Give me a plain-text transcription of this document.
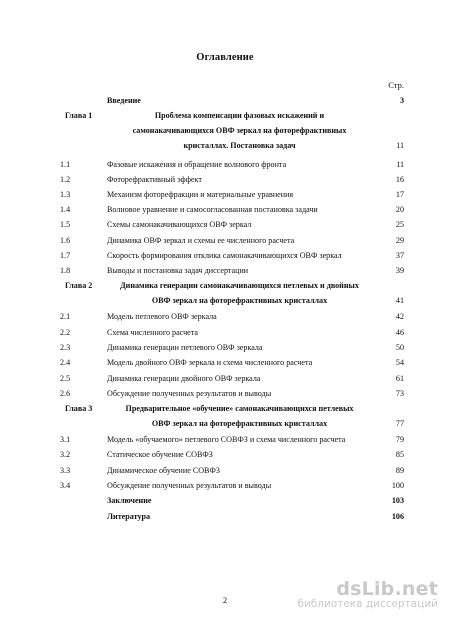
Оглавление
Стр.
Введение	3
Глава 1	Проблема компенсации фазовых искажений и
самонакачивающихся ОВФ зеркал на фоторефрактивных
кристаллах. Постановка задач	11
1.1	Фазовые искажения и обращение волнового фронта	11
1.2	Фоторефрактивный эффект	16
1.3	Механизм фоторефракции и материальные уравнения	17
1.4	Волновое уравнение и самосогласованная постановка задачи	20
1.5	Схемы самонакачивающихся ОВФ зеркал	25
1.6	Динамика ОВФ зеркал и схемы ее численного расчета	29
1.7	Скорость формирования отклика самонакачивающихся ОВФ зеркал	37
1.8	Выводы и постановка задач диссертации	39
Глава 2	Динамика генерации самонакачивающихся петлевых и двойных
ОВФ зеркал на фоторефрактивных кристаллах	41
2.1	Модель петлевого ОВФ зеркала	42
2.2	Схема численного расчета	46
2.3	Динамика генерации петлевого ОВФ зеркала	50
2.4	Модель двойного ОВФ зеркала и схема численного расчета	54
2.5	Динамика генерации двойного ОВФ зеркала	61
2.6	Обсуждение полученных результатов и выводы	73
Глава 3	Предварительное «обучение» самонакачивающихся петлевых
ОВФ зеркал на фоторефрактивных кристаллах	77
3.1	Модель «обучаемого» петлевого СОВФЗ и схема численного расчета	79
3.2	Статическое обучение СОВФЗ	85
3.3	Динамическое обучение СОВФЗ	89
3.4	Обсуждение полученных результатов и выводы	100
Заключение	103
Литература	106
2	dsLib.net
библиотека диссертаций
